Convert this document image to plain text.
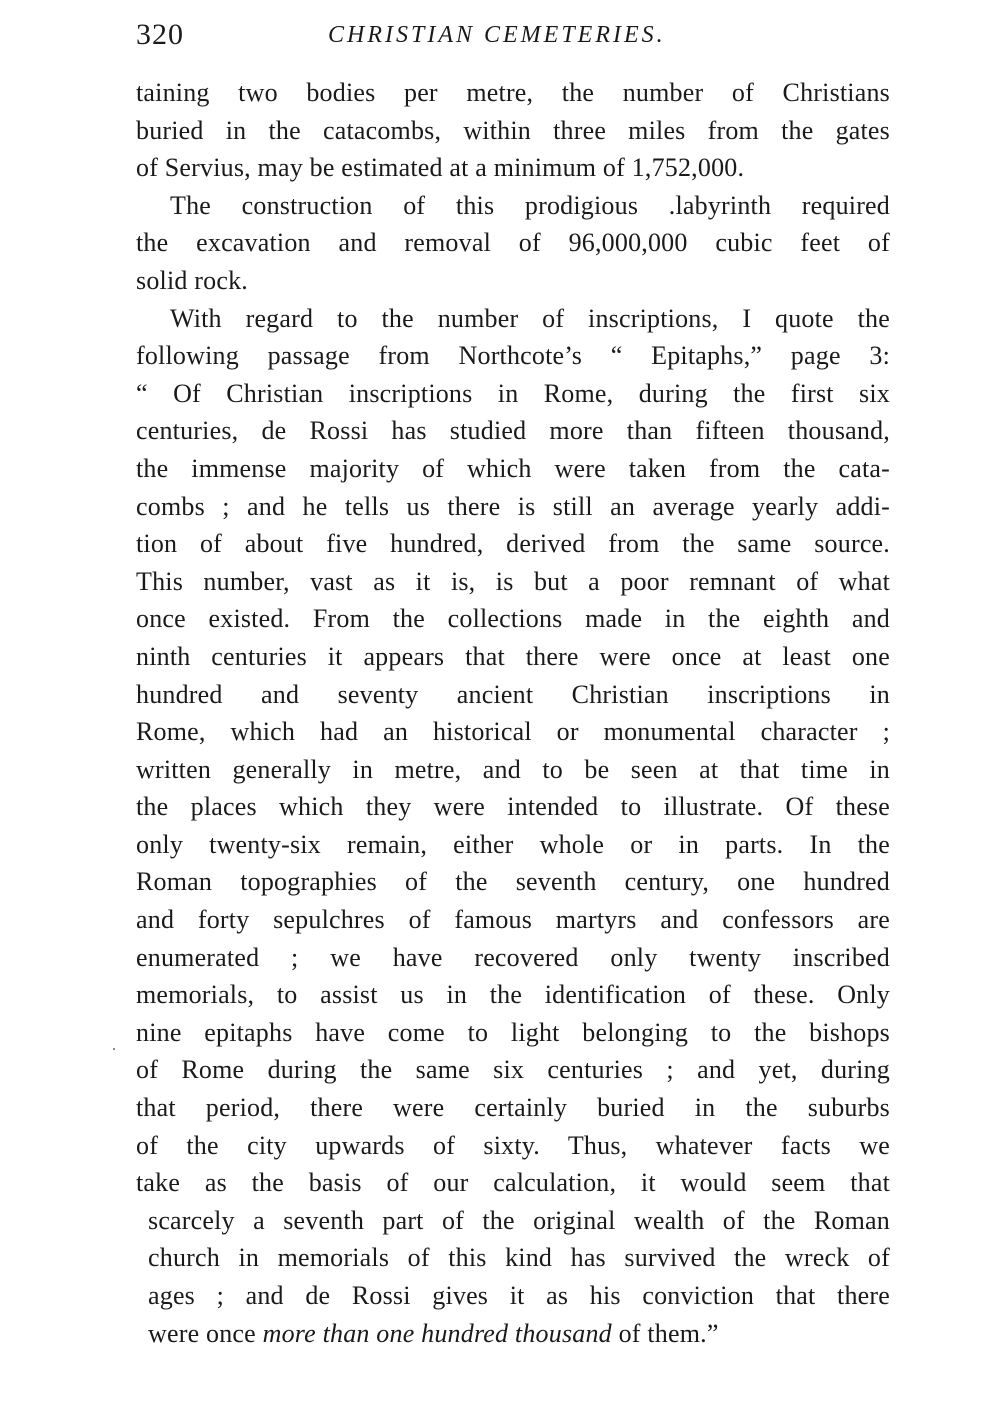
320	CHRISTIAN CEMETERIES.
taining two bodies per metre, the number of Christians
buried in the catacombs, within three miles from the gates
of Servius, may be estimated at a minimum of 1,752,000.
The construction of this prodigious .labyrinth required
the excavation and removal of 96,000,000 cubic feet of
solid rock.
With regard to the number of inscriptions, I quote the
following passage from Northcote’s “ Epitaphs,” page 3:
“ Of Christian inscriptions in Rome, during the first six
centuries, de Rossi has studied more than fifteen thousand,
the immense majority of which were taken from the cata-
combs ; and he tells us there is still an average yearly addi-
tion of about five hundred, derived from the same source.
This number, vast as it is, is but a poor remnant of what
once existed. From the collections made in the eighth and
ninth centuries it appears that there were once at least one
hundred and seventy ancient Christian inscriptions in
Rome, which had an historical or monumental character ;
written generally in metre, and to be seen at that time in
the places which they were intended to illustrate. Of these
only twenty-six remain, either whole or in parts. In the
Roman topographies of the seventh century, one hundred
and forty sepulchres of famous martyrs and confessors are
enumerated ; we have recovered only twenty inscribed
memorials, to assist us in the identification of these. Only
nine epitaphs have come to light belonging to the bishops
of Rome during the same six centuries ; and yet, during
that period, there were certainly buried in the suburbs
of the city upwards of sixty. Thus, whatever facts we
take as the basis of our calculation, it would seem that
scarcely a seventh part of the original wealth of the Roman
church in memorials of this kind has survived the wreck of
ages ; and de Rossi gives it as his conviction that there
were once more than one hundred thousand of them.”
